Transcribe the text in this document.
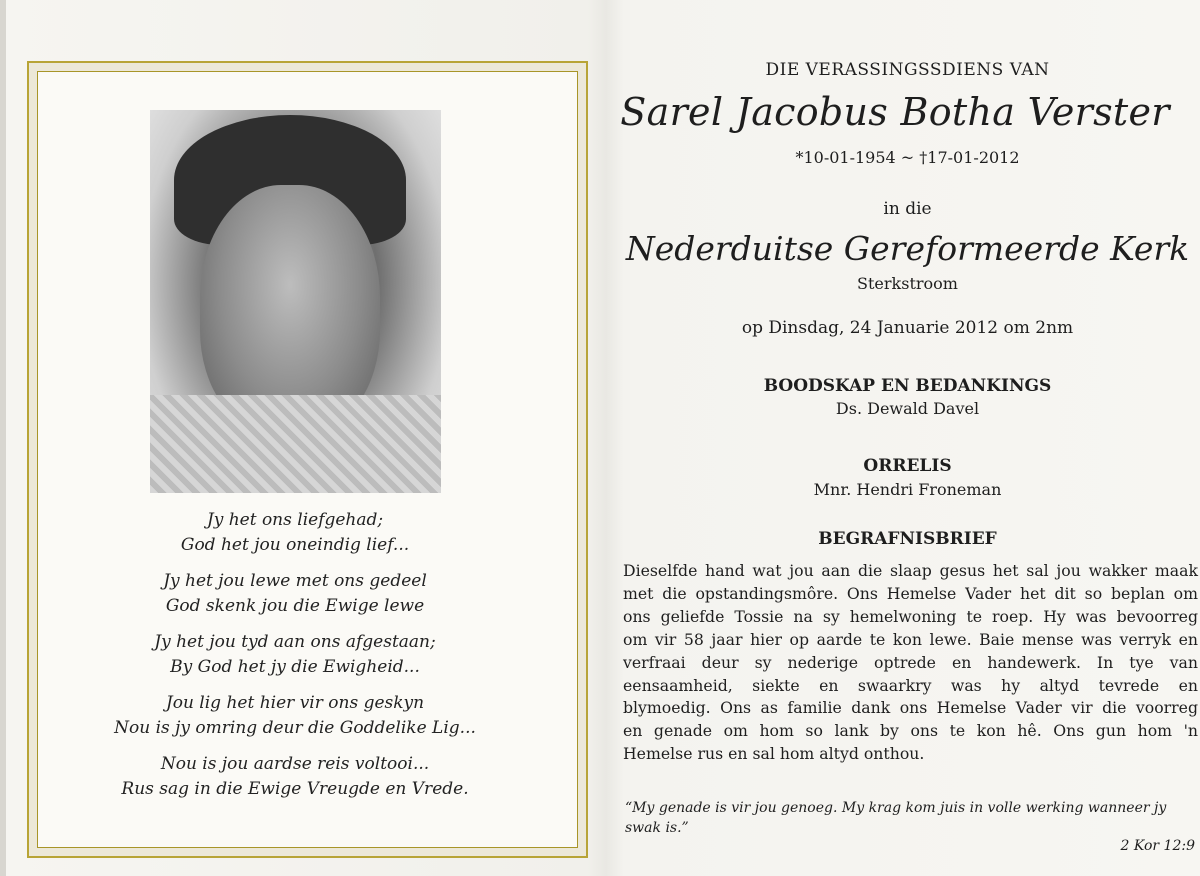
Jy het ons liefgehad;
God het jou oneindig lief...
Jy het jou lewe met ons gedeel
God skenk jou die Ewige lewe
Jy het jou tyd aan ons afgestaan;
By God het jy die Ewigheid...
Jou lig het hier vir ons geskyn
Nou is jy omring deur die Goddelike Lig...
Nou is jou aardse reis voltooi...
Rus sag in die Ewige Vreugde en Vrede.
DIE VERASSINGSSDIENS VAN
Sarel Jacobus Botha Verster
*10-01-1954 ~ †17-01-2012
in die
Nederduitse Gereformeerde Kerk
Sterkstroom
op Dinsdag, 24 Januarie 2012 om 2nm
BOODSKAP EN BEDANKINGS
Ds. Dewald Davel
ORRELIS
Mnr. Hendri Froneman
BEGRAFNISBRIEF
Dieselfde hand wat jou aan die slaap gesus het sal jou wakker maak
met die opstandingsmôre. Ons Hemelse Vader het dit so beplan om
ons geliefde Tossie na sy hemelwoning te roep. Hy was bevoorreg
om vir 58 jaar hier op aarde te kon lewe. Baie mense was verryk en
verfraai deur sy nederige optrede en handewerk. In tye van
eensaamheid, siekte en swaarkry was hy altyd tevrede en
blymoedig. Ons as familie dank ons Hemelse Vader vir die voorreg
en genade om hom so lank by ons te kon hê. Ons gun hom 'n
Hemelse rus en sal hom altyd onthou.
“My genade is vir jou genoeg. My krag kom juis in volle werking wanneer jy swak is.”
2 Kor 12:9
